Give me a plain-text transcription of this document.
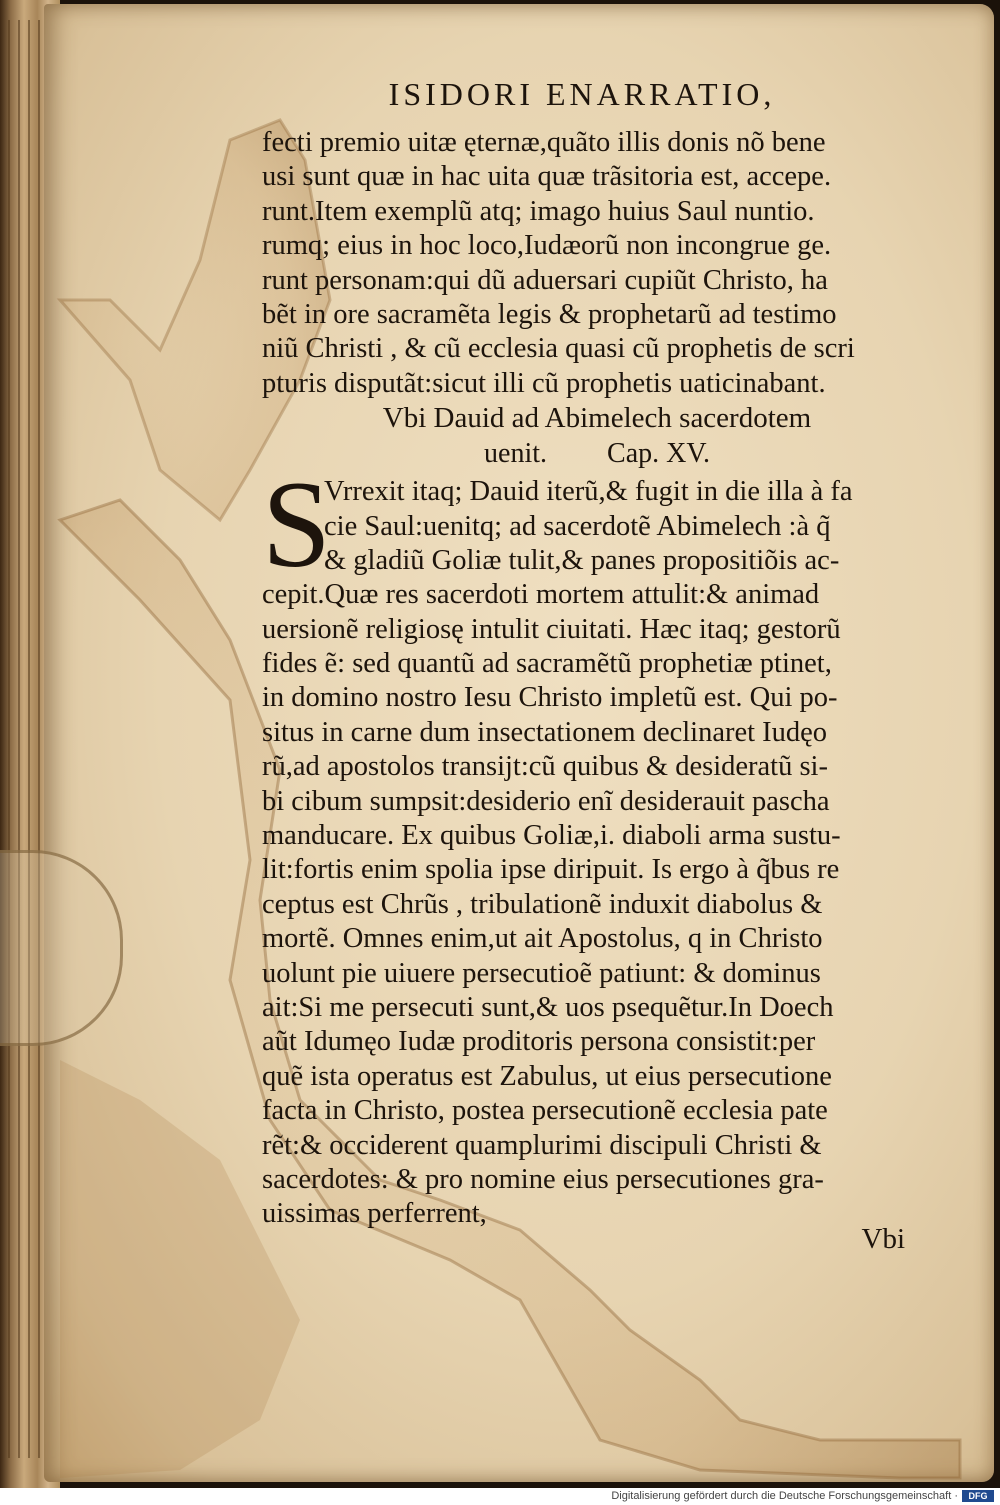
ISIDORI ENARRATIO,
fecti premio uitæ ęternæ,quãto illis donis nõ bene
usi sunt quæ in hac uita quæ trãsitoria est, accepe.
runt.Item exemplũ atq; imago huius Saul nuntio.
rumq; eius in hoc loco,Iudæorũ non incongrue ge.
runt personam:qui dũ aduersari cupiũt Christo, ha
bẽt in ore sacramẽta legis & prophetarũ ad testimo
niũ Christi , & cũ ecclesia quasi cũ prophetis de scri
pturis disputãt:sicut illi cũ prophetis uaticinabant.
Vbi Dauid ad Abimelech sacerdotem
uenit. Cap. XV.
S
Vrrexit itaq; Dauid iterũ,& fugit in die illa à fa
cie Saul:uenitq; ad sacerdotẽ Abimelech :à q̃
& gladiũ Goliæ tulit,& panes propositiõis ac-
cepit.Quæ res sacerdoti mortem attulit:& animad
uersionẽ religiosę intulit ciuitati. Hæc itaq; gestorũ
fides ẽ: sed quantũ ad sacramẽtũ prophetiæ ptinet,
in domino nostro Iesu Christo impletũ est. Qui po-
situs in carne dum insectationem declinaret Iudęo
rũ,ad apostolos transijt:cũ quibus & desideratũ si-
bi cibum sumpsit:desiderio enĩ desiderauit pascha
manducare. Ex quibus Goliæ,i. diaboli arma sustu-
lit:fortis enim spolia ipse diripuit. Is ergo à q̃bus re
ceptus est Chrũs , tribulationẽ induxit diabolus &
mortẽ. Omnes enim,ut ait Apostolus, q in Christo
uolunt pie uiuere persecutioẽ patiunt: & dominus
ait:Si me persecuti sunt,& uos psequẽtur.In Doech
aũt Idumęo Iudæ proditoris persona consistit:per
quẽ ista operatus est Zabulus, ut eius persecutione
facta in Christo, postea persecutionẽ ecclesia pate
rẽt:& occiderent quamplurimi discipuli Christi &
sacerdotes: & pro nomine eius persecutiones gra-
uissimas perferrent,
Vbi
Digitalisierung gefördert durch die Deutsche Forschungsgemeinschaft ·	DFG
